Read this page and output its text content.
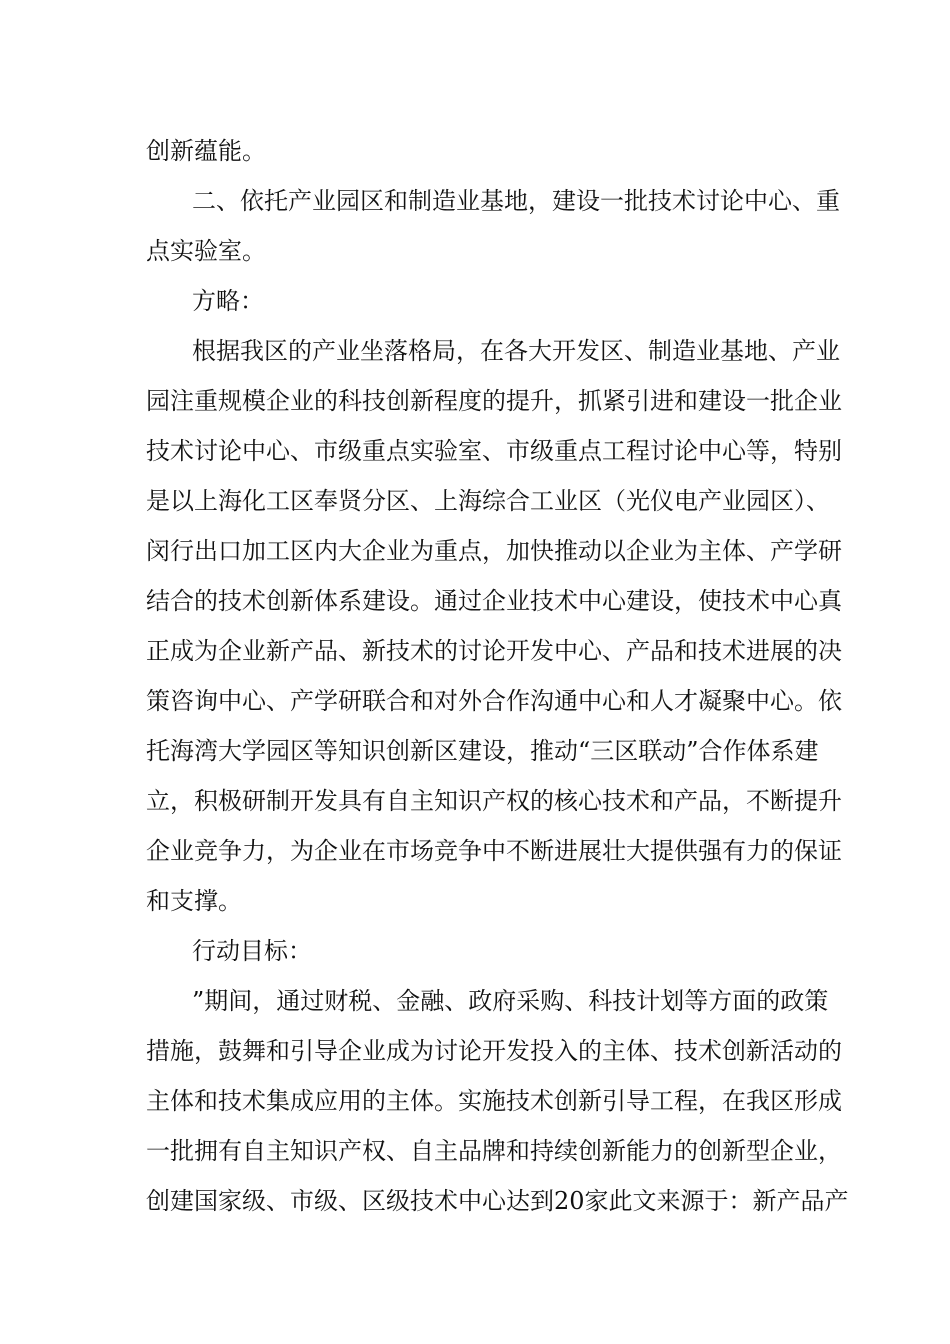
创新蕴能。
二、依托产业园区和制造业基地，建设一批技术讨论中心、重
点实验室。
方略：
根据我区的产业坐落格局，在各大开发区、制造业基地、产业
园注重规模企业的科技创新程度的提升，抓紧引进和建设一批企业
技术讨论中心、市级重点实验室、市级重点工程讨论中心等，特别
是以上海化工区奉贤分区、上海综合工业区（光仪电产业园区）、
闵行出口加工区内大企业为重点，加快推动以企业为主体、产学研
结合的技术创新体系建设。通过企业技术中心建设，使技术中心真
正成为企业新产品、新技术的讨论开发中心、产品和技术进展的决
策咨询中心、产学研联合和对外合作沟通中心和人才凝聚中心。依
托海湾大学园区等知识创新区建设，推动“三区联动”合作体系建
立，积极研制开发具有自主知识产权的核心技术和产品，不断提升
企业竞争力，为企业在市场竞争中不断进展壮大提供强有力的保证
和支撑。
行动目标：
”期间，通过财税、金融、政府采购、科技计划等方面的政策
措施，鼓舞和引导企业成为讨论开发投入的主体、技术创新活动的
主体和技术集成应用的主体。实施技术创新引导工程，在我区形成
一批拥有自主知识产权、自主品牌和持续创新能力的创新型企业，
创建国家级、市级、区级技术中心达到20家此文来源于：新产品产
